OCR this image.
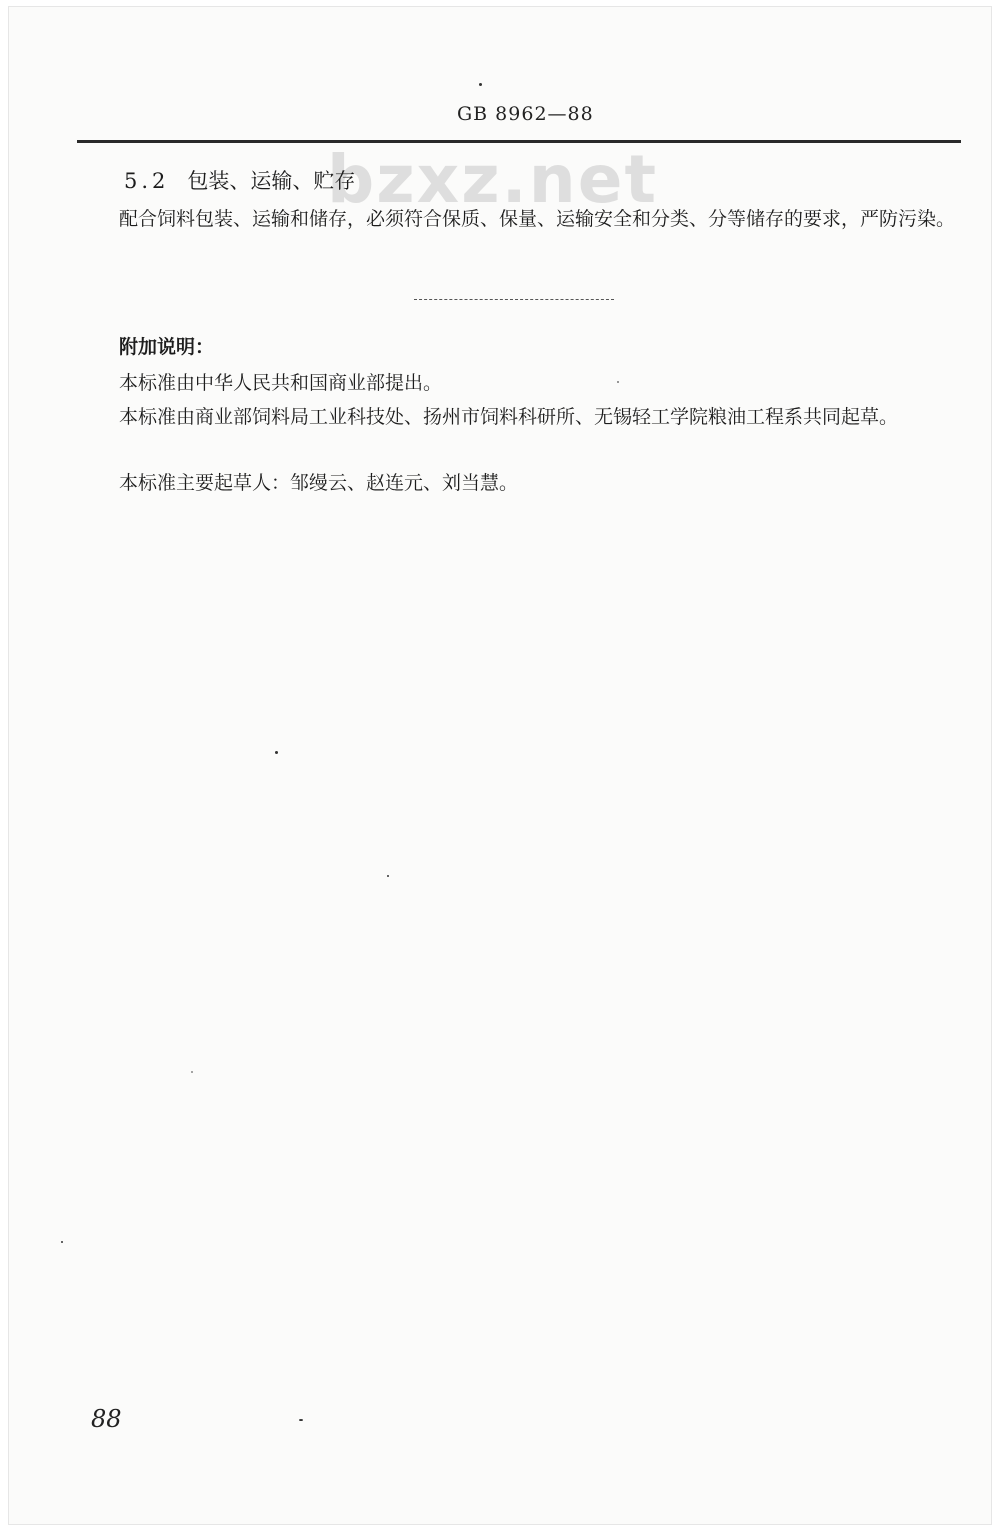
GB 8962—88
bzxz.net
5.2 包装、运输、贮存
配合饲料包装、运输和储存，必须符合保质、保量、运输安全和分类、分等储存的要求，严防污染。
附加说明：
本标准由中华人民共和国商业部提出。
本标准由商业部饲料局工业科技处、扬州市饲料科研所、无锡轻工学院粮油工程系共同起草。
本标准主要起草人：邹缦云、赵连元、刘当慧。
88
